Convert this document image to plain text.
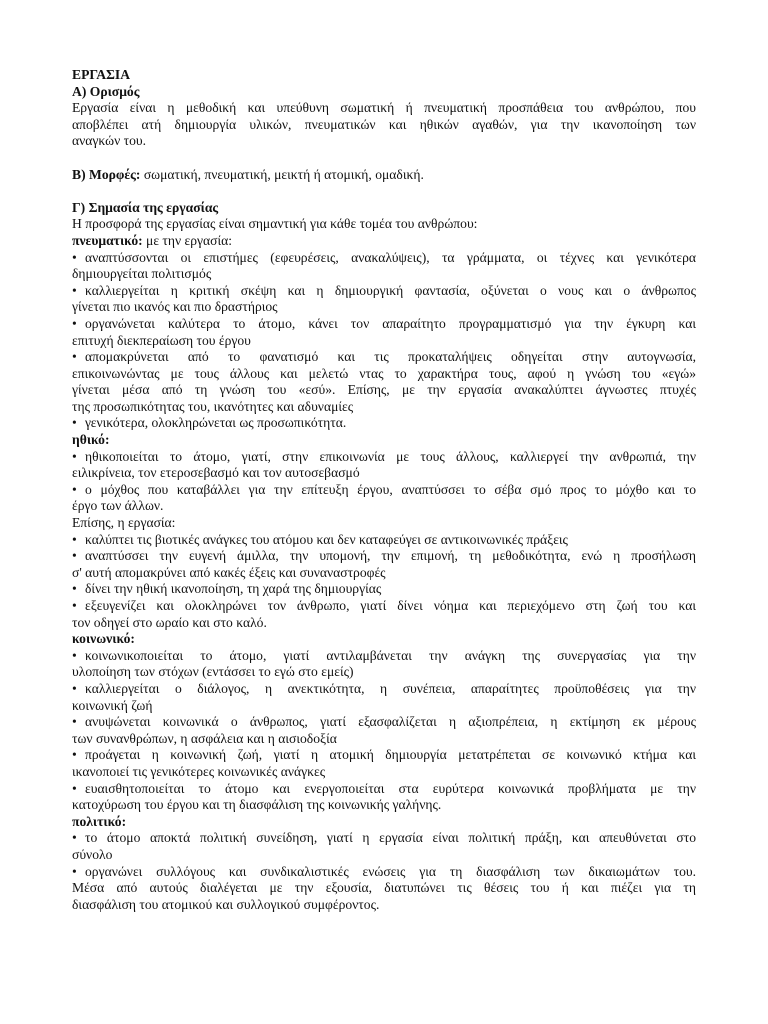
ΕΡΓΑΣΙΑ
Α) Ορισμός
Εργασία είναι η μεθοδική και υπεύθυνη σωματική ή πνευματική προσπάθεια του ανθρώπου, που
αποβλέπει ατή δημιουργία υλικών, πνευματικών και ηθικών αγαθών, για την ικανοποίηση των
αναγκών του.
Β) Μορφές: σωματική, πνευματική, μεικτή ή ατομική, ομαδική.
Γ) Σημασία της εργασίας
Η προσφορά της εργασίας είναι σημαντική για κάθε τομέα του ανθρώπου:
πνευματικό: με την εργασία:
• αναπτύσσονται οι επιστήμες (εφευρέσεις, ανακαλύψεις), τα γράμματα, οι τέχνες και γενικότερα
δημιουργείται πολιτισμός
• καλλιεργείται η κριτική σκέψη και η δημιουργική φαντασία, οξύνεται ο νους και ο άνθρωπος
γίνεται πιο ικανός και πιο δραστήριος
• οργανώνεται καλύτερα το άτομο, κάνει τον απαραίτητο προγραμματισμό για την έγκυρη και
επιτυχή διεκπεραίωση του έργου
• απομακρύνεται από το φανατισμό και τις προκαταλήψεις οδηγείται στην αυτογνωσία,
επικοινωνώντας με τους άλλους και μελετώ ντας το χαρακτήρα τους, αφού η γνώση του «εγώ»
γίνεται μέσα από τη γνώση του «εσύ». Επίσης, με την εργασία ανακαλύπτει άγνωστες πτυχές
της προσωπικότητας του, ικανότητες και αδυναμίες
• γενικότερα, ολοκληρώνεται ως προσωπικότητα.
ηθικό:
• ηθικοποιείται το άτομο, γιατί, στην επικοινωνία με τους άλλους, καλλιεργεί την ανθρωπιά, την
ειλικρίνεια, τον ετεροσεβασμό και τον αυτοσεβασμό
• ο μόχθος που καταβάλλει για την επίτευξη έργου, αναπτύσσει το σέβα σμό προς το μόχθο και το
έργο των άλλων.
Επίσης, η εργασία:
• καλύπτει τις βιοτικές ανάγκες του ατόμου και δεν καταφεύγει σε αντικοινωνικές πράξεις
• αναπτύσσει την ευγενή άμιλλα, την υπομονή, την επιμονή, τη μεθοδικότητα, ενώ η προσήλωση
σ' αυτή απομακρύνει από κακές έξεις και συναναστροφές
• δίνει την ηθική ικανοποίηση, τη χαρά της δημιουργίας
• εξευγενίζει και ολοκληρώνει τον άνθρωπο, γιατί δίνει νόημα και περιεχόμενο στη ζωή του και
τον οδηγεί στο ωραίο και στο καλό.
κοινωνικό:
• κοινωνικοποιείται το άτομο, γιατί αντιλαμβάνεται την ανάγκη της συνεργασίας για την
υλοποίηση των στόχων (εντάσσει το εγώ στο εμείς)
• καλλιεργείται ο διάλογος, η ανεκτικότητα, η συνέπεια, απαραίτητες προϋποθέσεις για την
κοινωνική ζωή
• ανυψώνεται κοινωνικά ο άνθρωπος, γιατί εξασφαλίζεται η αξιοπρέπεια, η εκτίμηση εκ μέρους
των συνανθρώπων, η ασφάλεια και η αισιοδοξία
• προάγεται η κοινωνική ζωή, γιατί η ατομική δημιουργία μετατρέπεται σε κοινωνικό κτήμα και
ικανοποιεί τις γενικότερες κοινωνικές ανάγκες
• ευαισθητοποιείται το άτομο και ενεργοποιείται στα ευρύτερα κοινωνικά προβλήματα με την
κατοχύρωση του έργου και τη διασφάλιση της κοινωνικής γαλήνης.
πολιτικό:
• το άτομο αποκτά πολιτική συνείδηση, γιατί η εργασία είναι πολιτική πράξη, και απευθύνεται στο
σύνολο
• οργανώνει συλλόγους και συνδικαλιστικές ενώσεις για τη διασφάλιση των δικαιωμάτων του.
Μέσα από αυτούς διαλέγεται με την εξουσία, διατυπώνει τις θέσεις του ή και πιέζει για τη
διασφάλιση του ατομικού και συλλογικού συμφέροντος.
